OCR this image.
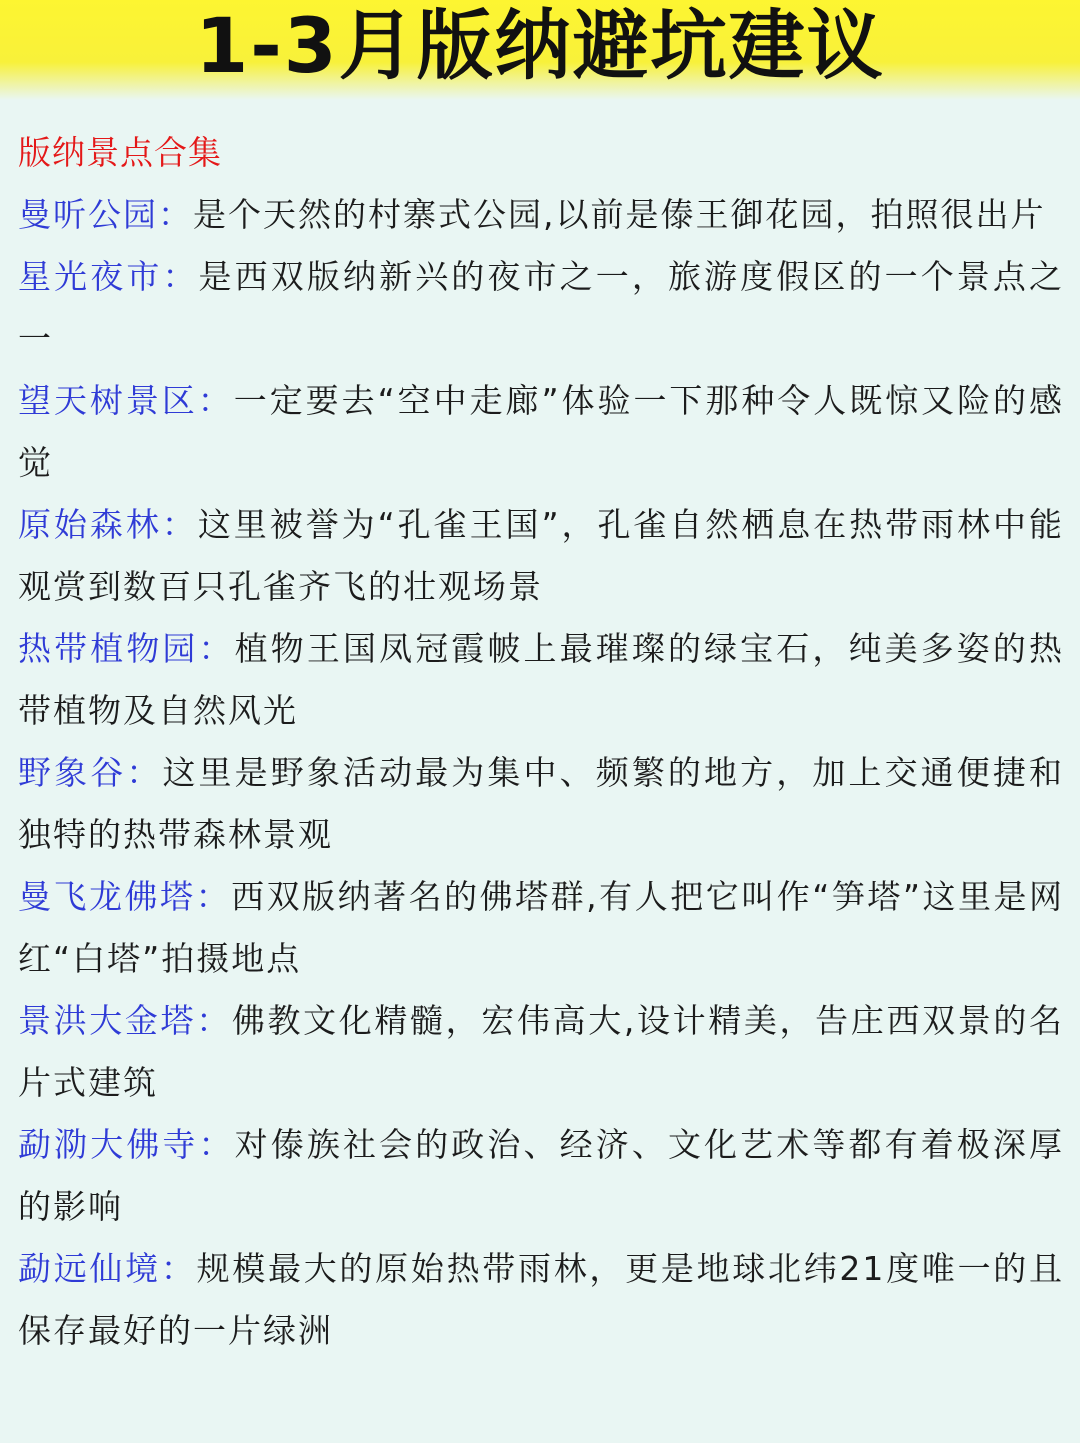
1-3月版纳避坑建议
版纳景点合集

曼听公园：是个天然的村寨式公园,以前是傣王御花园，拍照很出片

星光夜市：是西双版纳新兴的夜市之一，旅游度假区的一个景点之一

望天树景区：一定要去“空中走廊”体验一下那种令人既惊又险的感觉

原始森林：这里被誉为“孔雀王国”，孔雀自然栖息在热带雨林中能观赏到数百只孔雀齐飞的壮观场景

热带植物园：植物王国凤冠霞帔上最璀璨的绿宝石，纯美多姿的热带植物及自然风光

野象谷：这里是野象活动最为集中、频繁的地方，加上交通便捷和独特的热带森林景观

曼飞龙佛塔：西双版纳著名的佛塔群,有人把它叫作“笋塔”这里是网红“白塔”拍摄地点

景洪大金塔：佛教文化精髓，宏伟高大,设计精美，告庄西双景的名片式建筑

勐泐大佛寺：对傣族社会的政治、经济、文化艺术等都有着极深厚的影响

勐远仙境：规模最大的原始热带雨林，更是地球北纬21度唯一的且保存最好的一片绿洲
